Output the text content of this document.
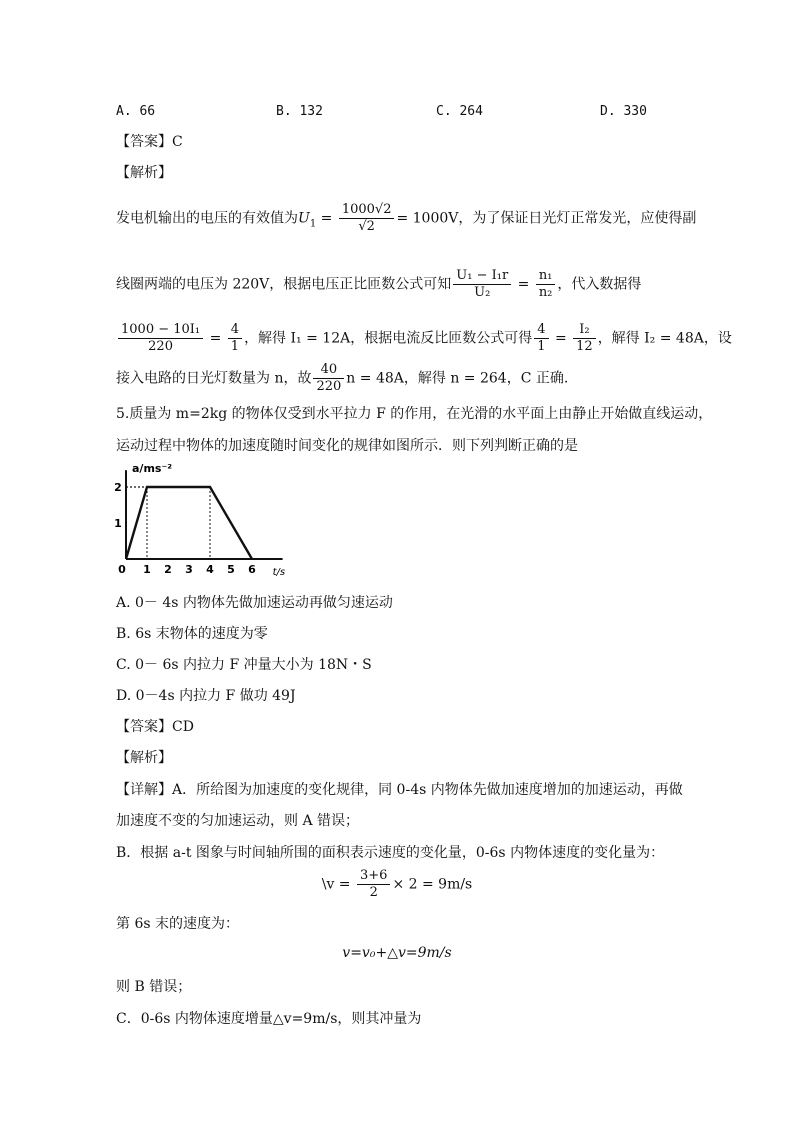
A. 66	B. 132	C. 264	D. 330
【答案】C
【解析】
发电机输出的电压的有效值为$U_1 = \frac{1000√2}{√2} = 1000V$，为了保证日光灯正常发光，应使得副
线圈两端的电压为 220V，根据电压正比匝数公式可知 $\frac{\text{U₁ − I₁r}}{\text{U₂}} = \frac{\text{n₁}}{\text{n₂}}$ ，代入数据得
$\frac{\text{1000 − 10I₁}}{220} = \frac{4}{1}$ ，解得 I₁ = 12A，根据电流反比匝数公式可得 $\frac{4}{1} = \frac{\text{I₂}}{12}$ ，解得 I₂ = 48A，设
接入电路的日光灯数量为 n，故 $\frac{40}{220}$ n = 48A，解得 n = 264，C 正确.
5.质量为 m=2kg 的物体仅受到水平拉力 F 的作用，在光滑的水平面上由静止开始做直线运动，
运动过程中物体的加速度随时间变化的规律如图所示．则下列判断正确的是
0 1 2 3 4 5 6
1
2
a/ms⁻²
t/s
A. 0－ 4s 内物体先做加速运动再做匀速运动
B. 6s 末物体的速度为零
C. 0－ 6s 内拉力 F 冲量大小为 18N・S
D. 0－4s 内拉力 F 做功 49J
【答案】CD
【解析】
【详解】A．所给图为加速度的变化规律，同 0-4s 内物体先做加速度增加的加速运动，再做
加速度不变的匀加速运动，则 A 错误；
B．根据 a-t 图象与时间轴所围的面积表示速度的变化量，0-6s 内物体速度的变化量为：
\v = $\frac{3+6}{2} \times 2 = 9m/s$
第 6s 末的速度为：
v=v₀+△v=9m/s
则 B 错误；
C．0-6s 内物体速度增量△v=9m/s，则其冲量为
